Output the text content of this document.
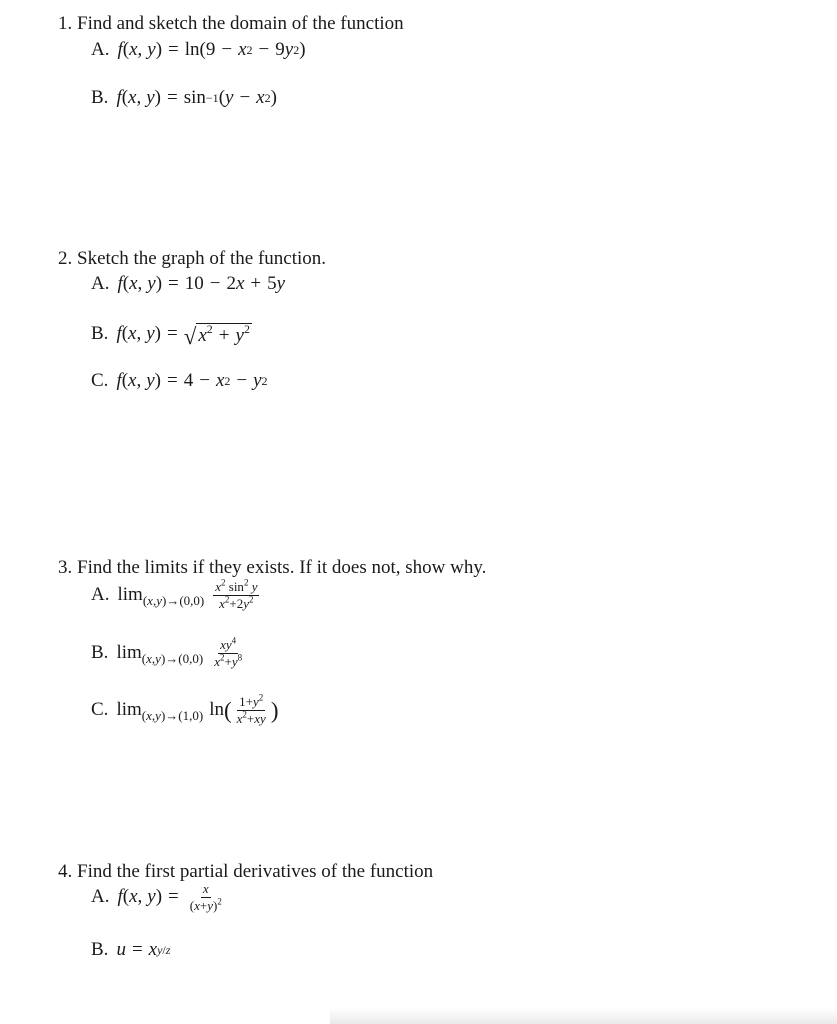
1. Find and sketch the domain of the function
A. f ( x , y ) = ln (9 − x 2 − 9 y 2 )
B. f ( x , y ) = sin −1 ( y − x 2 )
2. Sketch the graph of the function.
A. f ( x , y ) = 10 − 2 x + 5 y
B. f ( x , y ) = √ $x^2 + y^2$
C. f ( x , y ) = 4 − x 2 − y 2
3. Find the limits if they exists. If it does not, show why.
A. $\lim (x,y)\to(0,0) \frac{x^2 \sin^2 y}{x^2+2y^2}$
B. $\lim (x,y)\to(0,0) \frac{xy^4}{x^2+y^8}$
C. lim (x,y)→(1,0) ln ( $\frac{1+y^2}{x^2+xy}$ )
4. Find the first partial derivatives of the function
A. f ( x , y ) = $\frac{x}{(x+y)^2}$
B. u = x y/z
